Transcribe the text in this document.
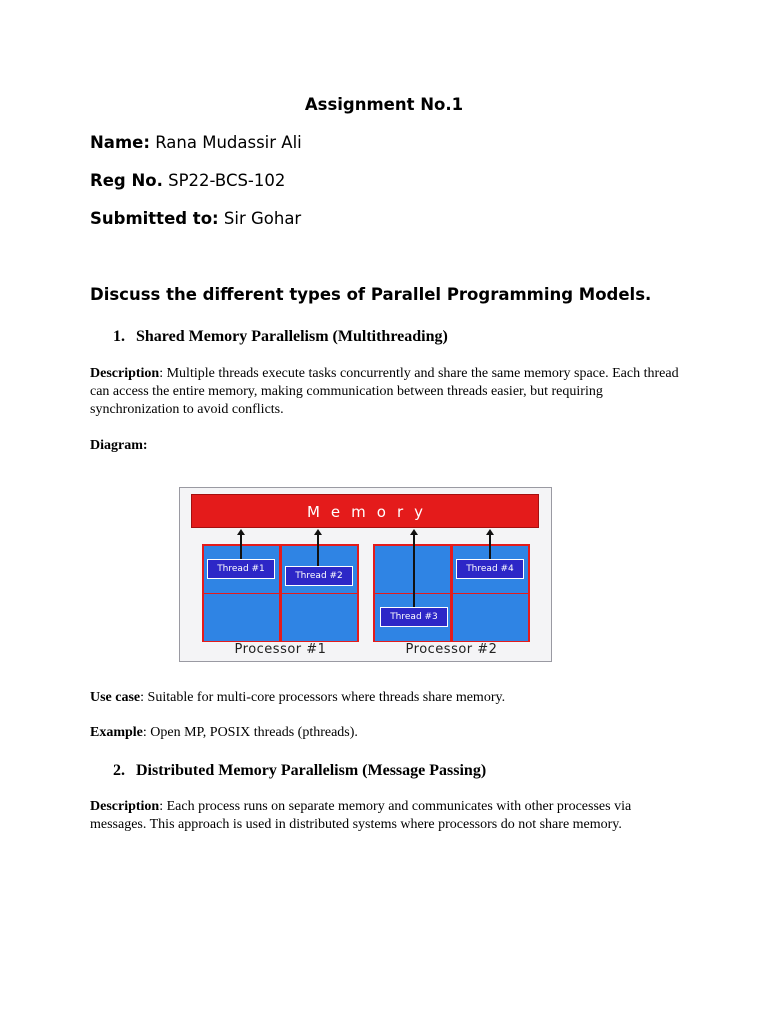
Assignment No.1
Name: Rana Mudassir Ali
Reg No. SP22-BCS-102
Submitted to: Sir Gohar
Discuss the different types of Parallel Programming Models.
1. Shared Memory Parallelism (Multithreading)
Description: Multiple threads execute tasks concurrently and share the same memory space. Each thread can access the entire memory, making communication between threads easier, but requiring synchronization to avoid conflicts.
Diagram:
Memory
Thread #1
Thread #2
Thread #3
Thread #4
Processor #1	Processor #2
Use case: Suitable for multi-core processors where threads share memory.
Example: Open MP, POSIX threads (pthreads).
2. Distributed Memory Parallelism (Message Passing)
Description: Each process runs on separate memory and communicates with other processes via messages. This approach is used in distributed systems where processors do not share memory.
